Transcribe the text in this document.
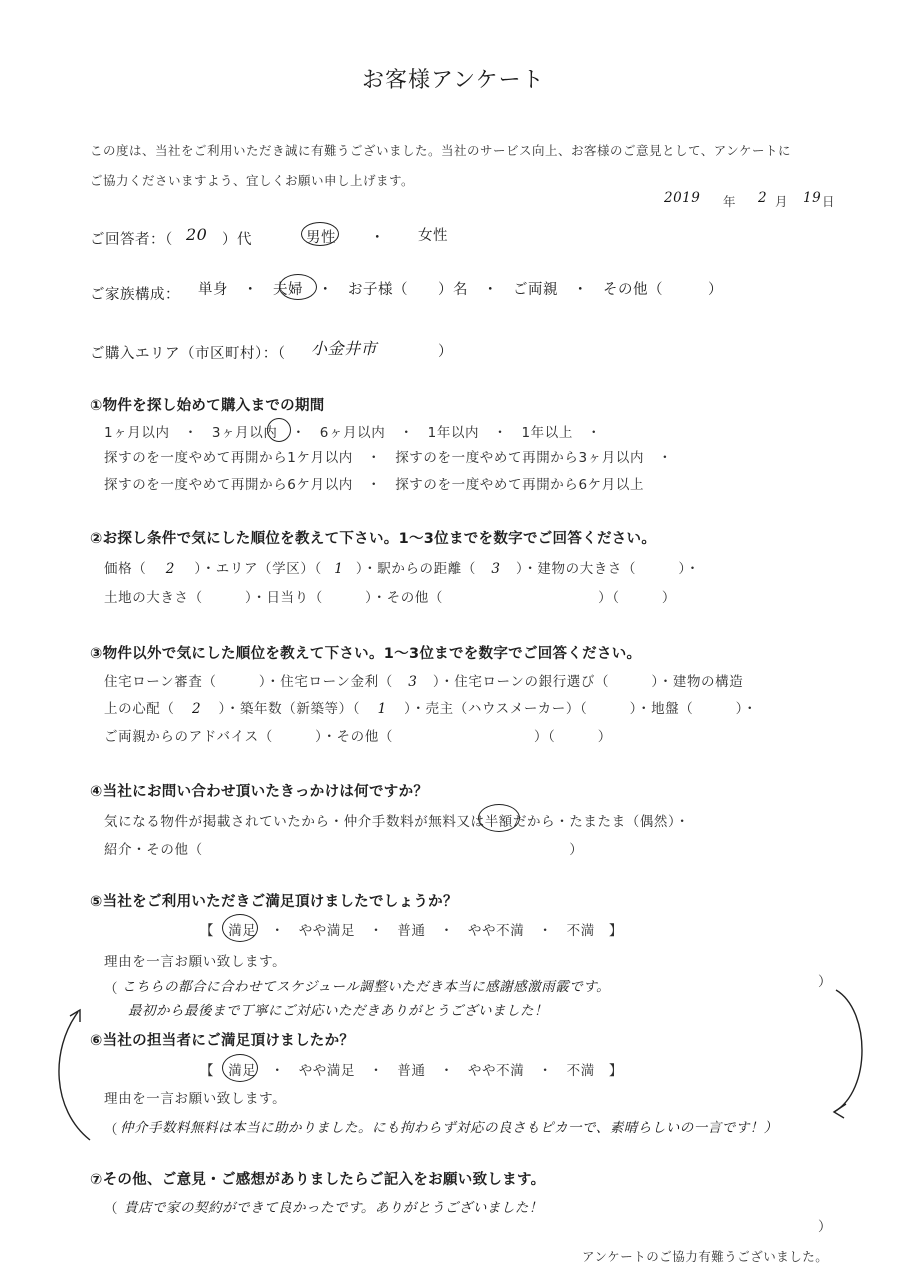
お客様アンケート
この度は、当社をご利用いただき誠に有難うございました。当社のサービス向上、お客様のご意見として、アンケートに
ご協力くださいますよう、宜しくお願い申し上げます。
2019 年 2 月 19 日
ご回答者：（ 20 ）代	男性 ・ 女性
ご家族構成： 単身　・　夫婦　・　お子様（　　）名　・　ご両親　・　その他（　　　）
ご購入エリア（市区町村）：（ 小金井市	）
①物件を探し始めて購入までの期間
1ヶ月以内　・　3ヶ月以内　・　6ヶ月以内　・　1年以内　・　1年以上　・
探すのを一度やめて再開から1ケ月以内　・　探すのを一度やめて再開から3ヶ月以内　・
探すのを一度やめて再開から6ケ月以内　・　探すのを一度やめて再開から6ケ月以上
②お探し条件で気にした順位を教えて下さい。1～3位までを数字でご回答ください。
価格（ 2 ）・エリア（学区）（ 1 ）・駅からの距離（ 3 ）・建物の大きさ（　　　）・
土地の大きさ（　　　）・日当り（　　　）・その他（　　　　　　　　　　　）（　　　）
③物件以外で気にした順位を教えて下さい。1～3位までを数字でご回答ください。
住宅ローン審査（　　　）・住宅ローン金利（ 3 ）・住宅ローンの銀行選び（　　　）・建物の構造
上の心配（ 2 ）・築年数（新築等）（ 1 ）・売主（ハウスメーカー）（　　　）・地盤（　　　）・
ご両親からのアドバイス（　　　）・その他（　　　　　　　　　　）（　　　）
④当社にお問い合わせ頂いたきっかけは何ですか？
気になる物件が掲載されていたから・仲介手数料が無料又は半額だから・たまたま（偶然）・
紹介・その他（　　　　　　　　　　　　　　　　　　　　　　　　　　）
⑤当社をご利用いただきご満足頂けましたでしょうか？
【　満足　・　やや満足　・　普通　・　やや不満　・　不満　】
理由を一言お願い致します。
（ こちらの都合に合わせてスケジュール調整いただき本当に感謝感激雨霰です。	）
最初から最後まで丁寧にご対応いただきありがとうございました！
⑥当社の担当者にご満足頂けましたか？
【　満足　・　やや満足　・　普通　・　やや不満　・　不満　】
理由を一言お願い致します。
（ 仲介手数料無料は本当に助かりました。にも拘わらず対応の良さもピカ一で、素晴らしいの一言です！）
⑦その他、ご意見・ご感想がありましたらご記入をお願い致します。
（ 貴店で家の契約ができて良かったです。ありがとうございました！
）
アンケートのご協力有難うございました。
